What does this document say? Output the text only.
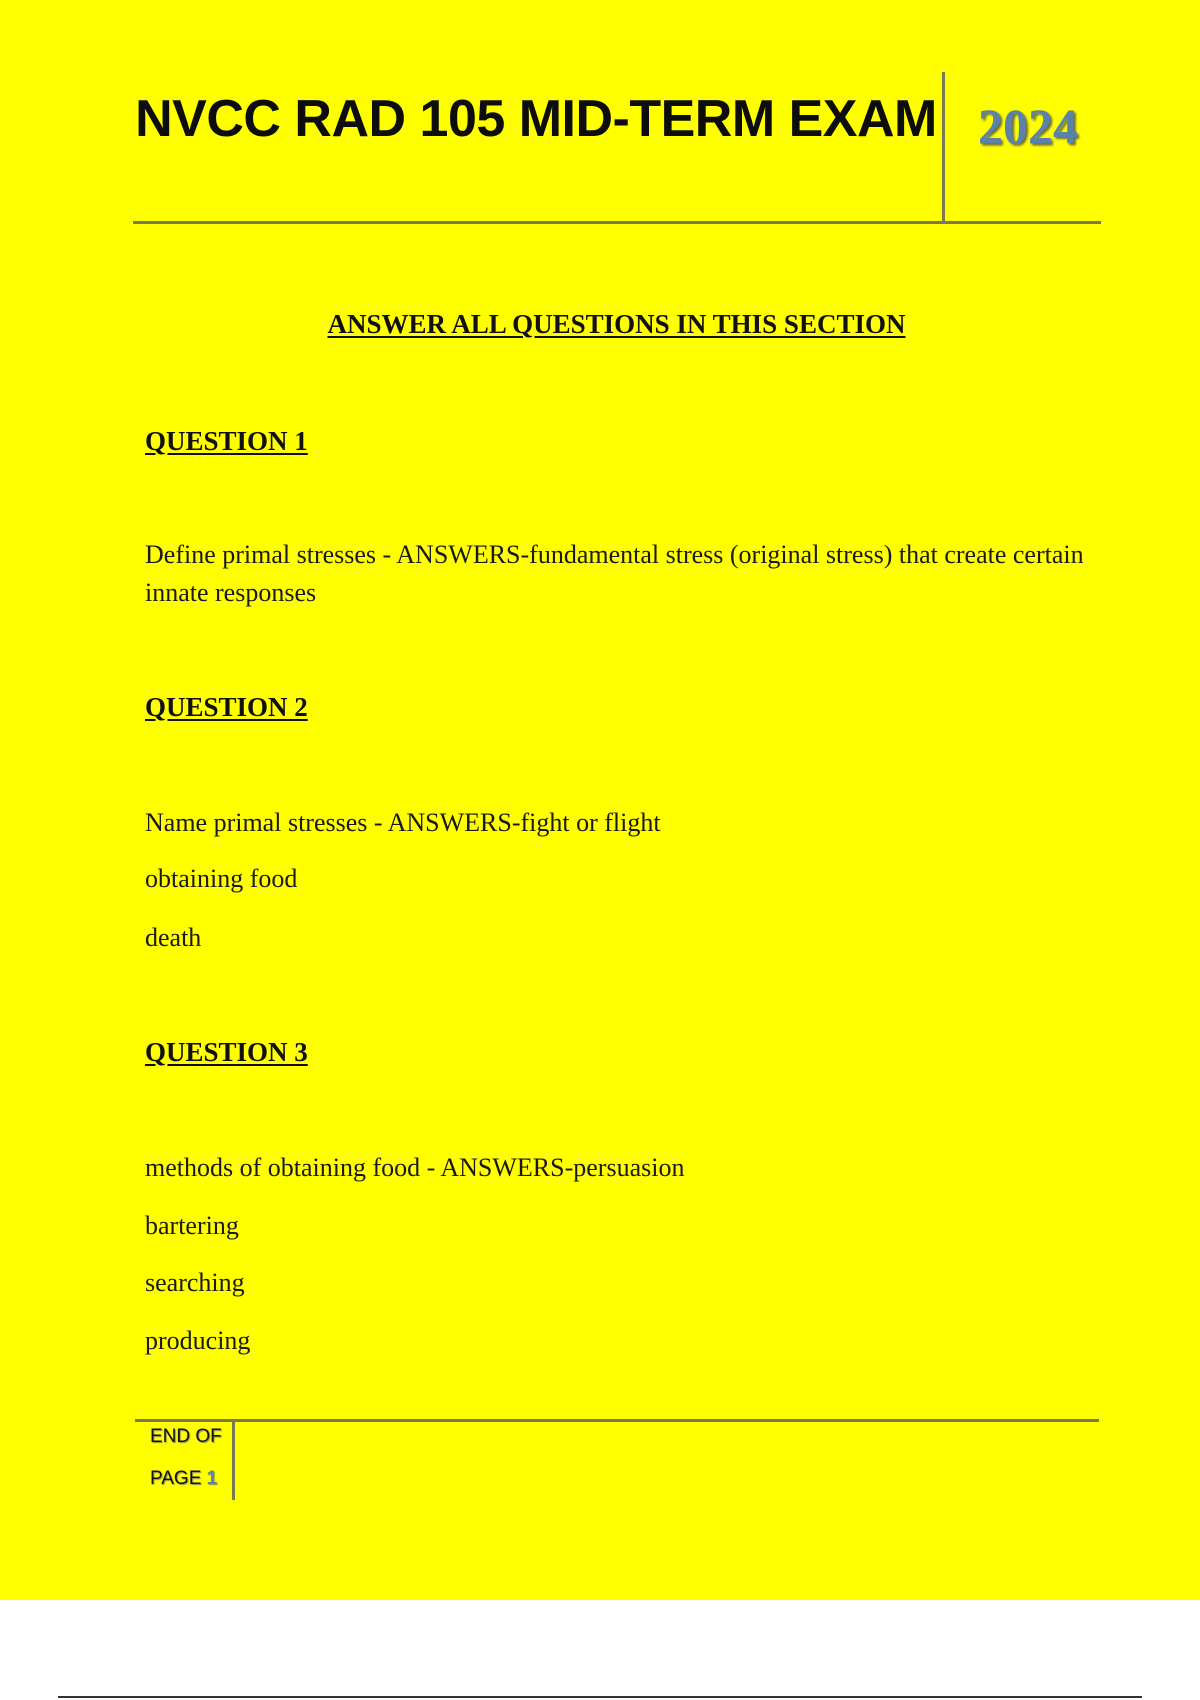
NVCC RAD 105 MID-TERM EXAM 2024
ANSWER ALL QUESTIONS IN THIS SECTION
QUESTION 1
Define primal stresses - ANSWERS-fundamental stress (original stress) that create certain innate responses
QUESTION 2
Name primal stresses - ANSWERS-fight or flight
obtaining food
death
QUESTION 3
methods of obtaining food - ANSWERS-persuasion
bartering
searching
producing
END OF
PAGE 1
